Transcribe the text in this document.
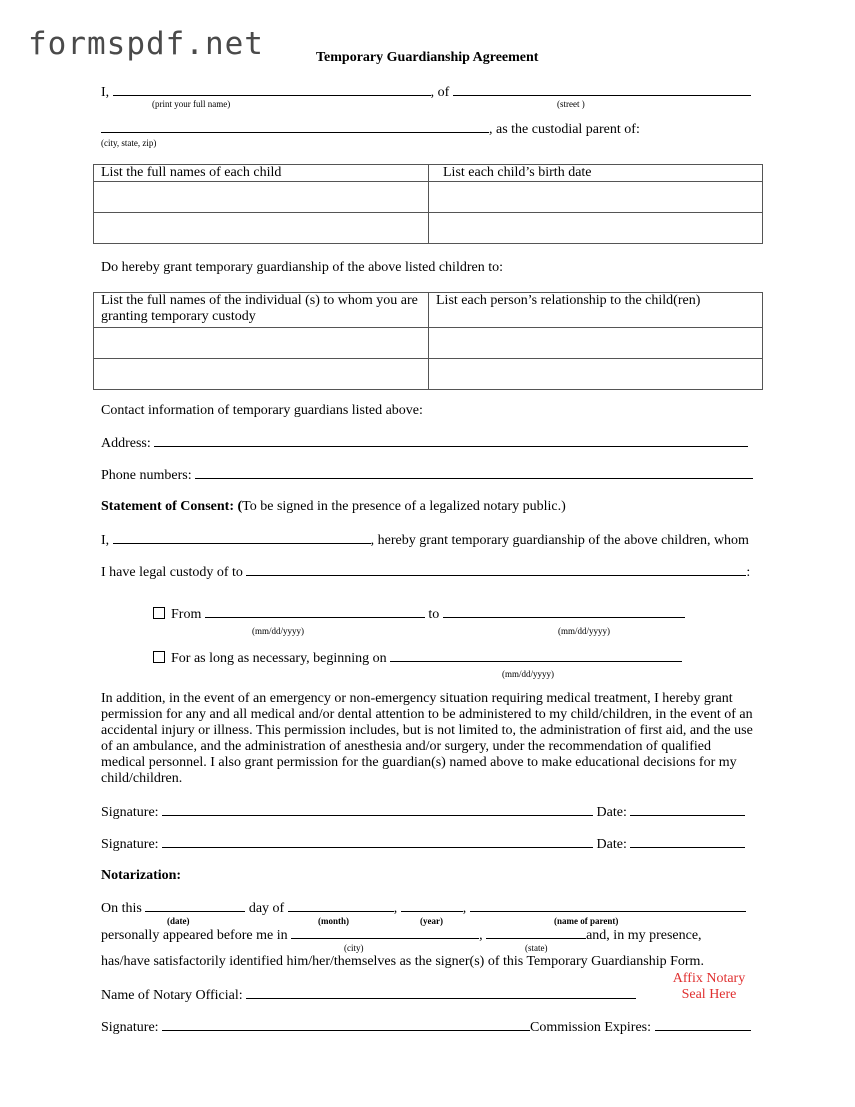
formspdf.net	Temporary Guardianship Agreement
I,	, of
(print your full name)	(street )
, as the custodial parent of:
(city, state, zip)
List the full names of each child	List each child’s birth date

Do hereby grant temporary guardianship of the above listed children to:
List the full names of the individual (s) to whom you are granting temporary custody	List each person’s relationship to the child(ren)

Contact information of temporary guardians listed above:
Address:
Phone numbers:
Statement of Consent: (To be signed in the presence of a legalized notary public.)
I,	, hereby grant temporary guardianship of the above children, whom
I have legal custody of to	:
From	to
(mm/dd/yyyy)	(mm/dd/yyyy)
For as long as necessary, beginning on
(mm/dd/yyyy)
In addition, in the event of an emergency or non-emergency situation requiring medical treatment, I hereby grant permission for any and all medical and/or dental attention to be administered to my child/children, in the event of an accidental injury or illness. This permission includes, but is not limited to, the administration of first aid, and the use of an ambulance, and the administration of anesthesia and/or surgery, under the recommendation of qualified medical personnel. I also grant permission for the guardian(s) named above to make educational decisions for my child/children.
Signature:	Date:
Signature:	Date:
Notarization:
On this	day of	,	,
(date)	(month)	(year)	(name of parent)
personally appeared before me in	,	and, in my presence,
(city)	(state)
has/have satisfactorily identified him/her/themselves as the signer(s) of this Temporary Guardianship Form.
Name of Notary Official:
Affix Notary Seal Here
Signature:	Commission Expires:
